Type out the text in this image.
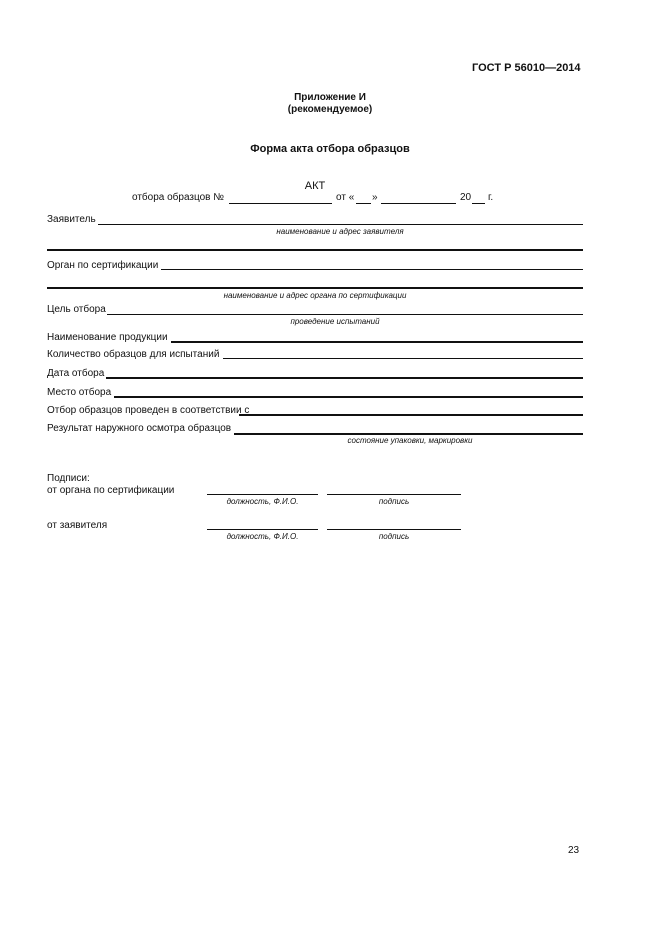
ГОСТ Р 56010—2014
Приложение И
(рекомендуемое)
Форма акта отбора образцов
АКТ
отбора образцов №	от « »	20 г.
Заявитель
наименование и адрес заявителя
Орган по сертификации
наименование и адрес органа по сертификации
Цель отбора
проведение испытаний
Наименование продукции
Количество образцов для испытаний
Дата отбора
Место отбора
Отбор образцов проведен в соответствии с
Результат наружного осмотра образцов
состояние упаковки, маркировки
Подписи:
от органа по сертификации
должность, Ф.И.О.	подпись
от заявителя
должность, Ф.И.О.	подпись
23
